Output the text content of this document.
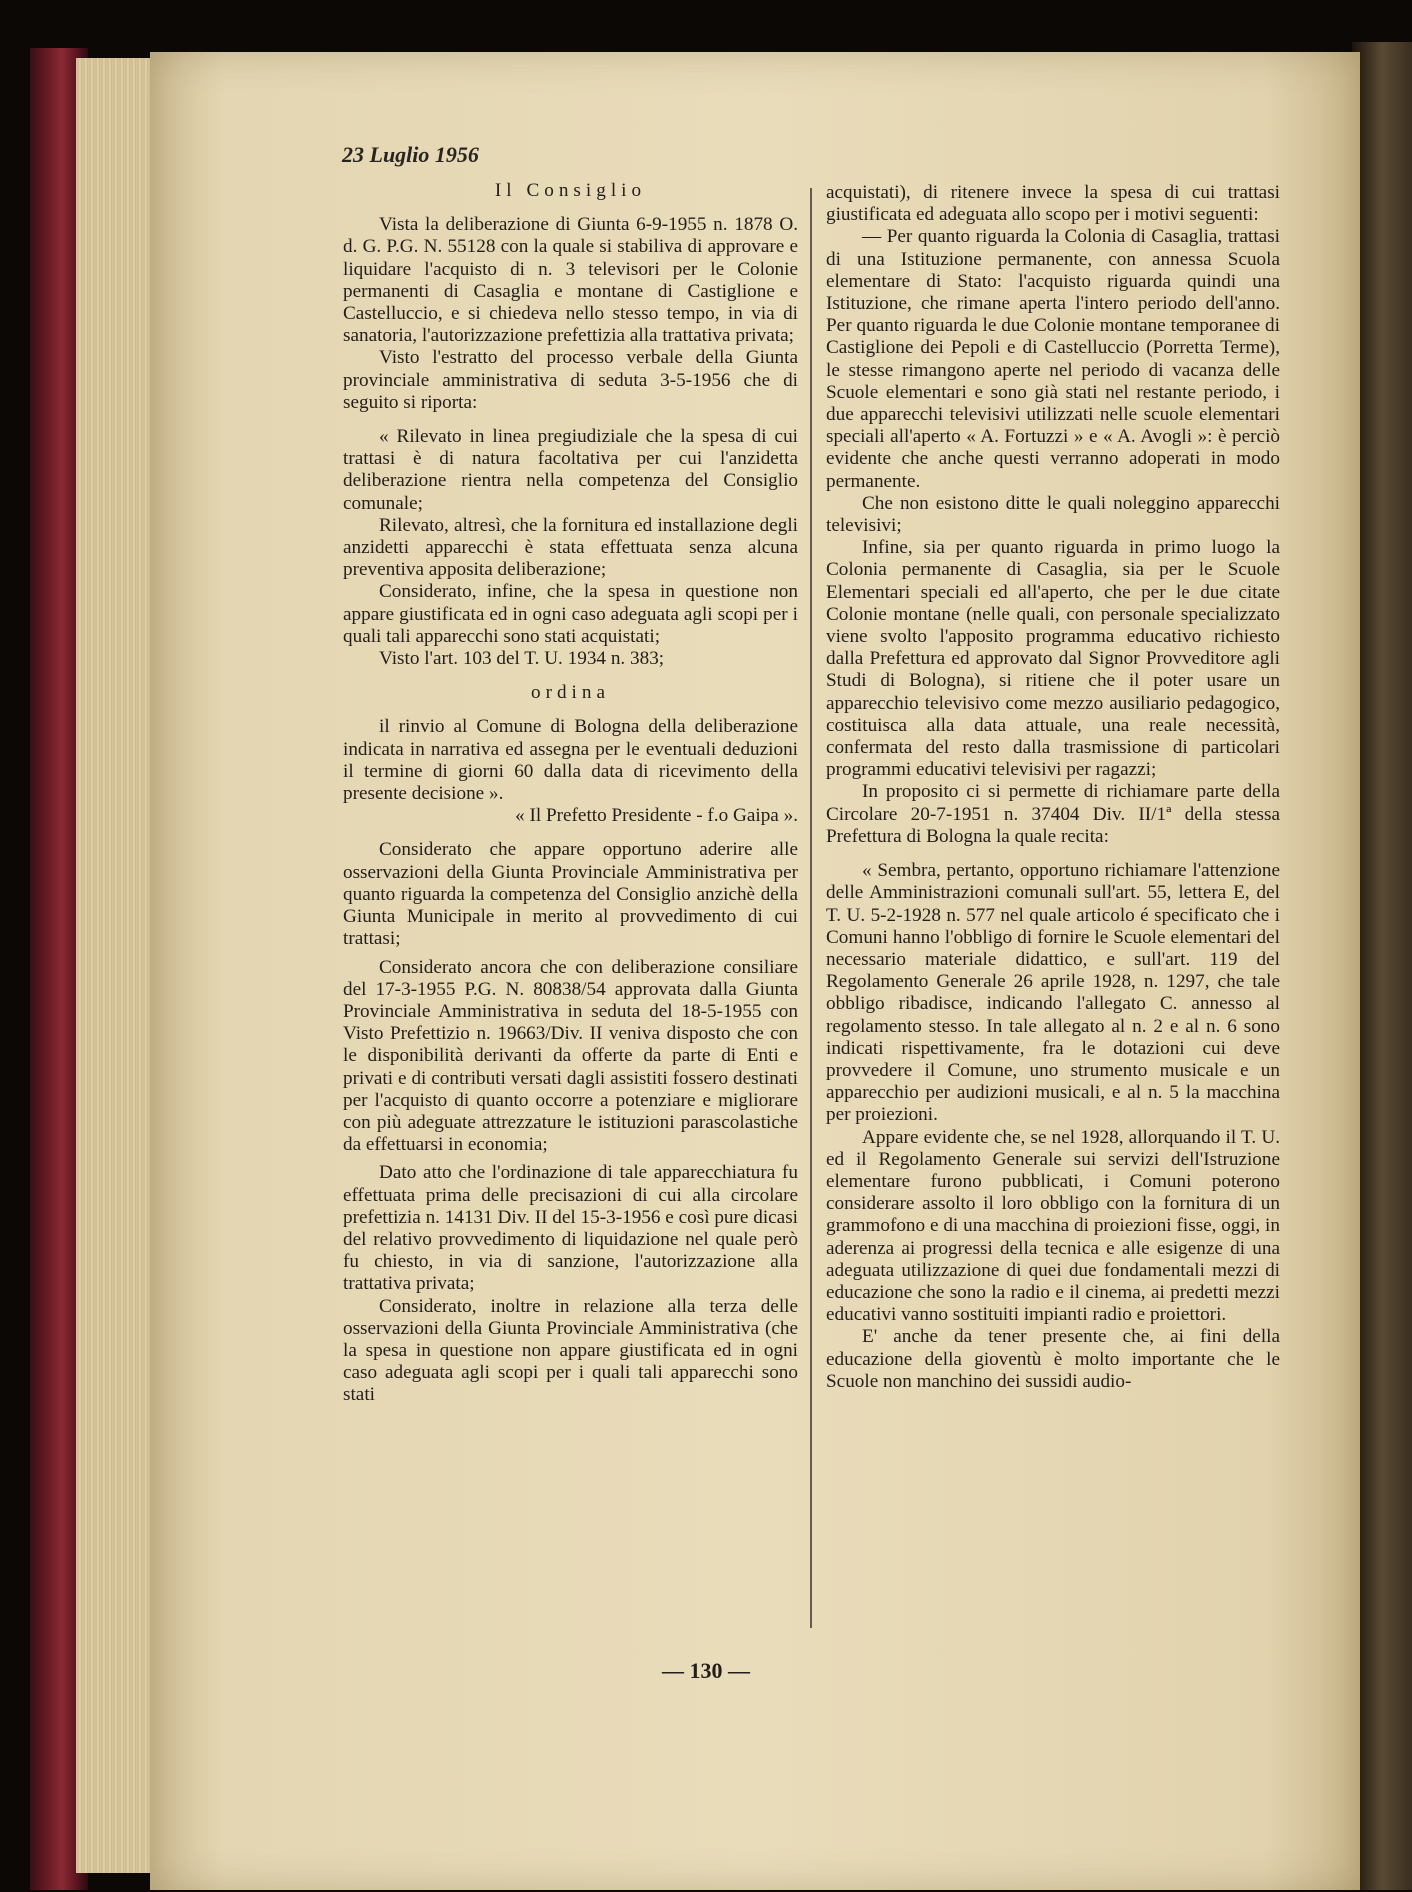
23 Luglio 1956

Il Consiglio

Vista la deliberazione di Giunta 6-9-1955 n. 1878 O. d. G. P.G. N. 55128 con la quale si stabiliva di approvare e liquidare l'acquisto di n. 3 televisori per le Colonie permanenti di Casaglia e montane di Castiglione e Castelluccio, e si chiedeva nello stesso tempo, in via di sanatoria, l'autorizzazione prefettizia alla trattativa privata;

Visto l'estratto del processo verbale della Giunta provinciale amministrativa di seduta 3-5-1956 che di seguito si riporta:

« Rilevato in linea pregiudiziale che la spesa di cui trattasi è di natura facoltativa per cui l'anzidetta deliberazione rientra nella competenza del Consiglio comunale;

Rilevato, altresì, che la fornitura ed installazione degli anzidetti apparecchi è stata effettuata senza alcuna preventiva apposita deliberazione;

Considerato, infine, che la spesa in questione non appare giustificata ed in ogni caso adeguata agli scopi per i quali tali apparecchi sono stati acquistati;

Visto l'art. 103 del T. U. 1934 n. 383;

ordina

il rinvio al Comune di Bologna della deliberazione indicata in narrativa ed assegna per le eventuali deduzioni il termine di giorni 60 dalla data di ricevimento della presente decisione ».

« Il Prefetto Presidente - f.o Gaipa ».

Considerato che appare opportuno aderire alle osservazioni della Giunta Provinciale Amministrativa per quanto riguarda la competenza del Consiglio anzichè della Giunta Municipale in merito al provvedimento di cui trattasi;

Considerato ancora che con deliberazione consiliare del 17-3-1955 P.G. N. 80838/54 approvata dalla Giunta Provinciale Amministrativa in seduta del 18-5-1955 con Visto Prefettizio n. 19663/Div. II veniva disposto che con le disponibilità derivanti da offerte da parte di Enti e privati e di contributi versati dagli assistiti fossero destinati per l'acquisto di quanto occorre a potenziare e migliorare con più adeguate attrezzature le istituzioni parascolastiche da effettuarsi in economia;

Dato atto che l'ordinazione di tale apparecchiatura fu effettuata prima delle precisazioni di cui alla circolare prefettizia n. 14131 Div. II del 15-3-1956 e così pure dicasi del relativo provvedimento di liquidazione nel quale però fu chiesto, in via di sanzione, l'autorizzazione alla trattativa privata;

Considerato, inoltre in relazione alla terza delle osservazioni della Giunta Provinciale Amministrativa (che la spesa in questione non appare giustificata ed in ogni caso adeguata agli scopi per i quali tali apparecchi sono stati

acquistati), di ritenere invece la spesa di cui trattasi giustificata ed adeguata allo scopo per i motivi seguenti:

— Per quanto riguarda la Colonia di Casaglia, trattasi di una Istituzione permanente, con annessa Scuola elementare di Stato: l'acquisto riguarda quindi una Istituzione, che rimane aperta l'intero periodo dell'anno. Per quanto riguarda le due Colonie montane temporanee di Castiglione dei Pepoli e di Castelluccio (Porretta Terme), le stesse rimangono aperte nel periodo di vacanza delle Scuole elementari e sono già stati nel restante periodo, i due apparecchi televisivi utilizzati nelle scuole elementari speciali all'aperto « A. Fortuzzi » e « A. Avogli »: è perciò evidente che anche questi verranno adoperati in modo permanente.

Che non esistono ditte le quali noleggino apparecchi televisivi;

Infine, sia per quanto riguarda in primo luogo la Colonia permanente di Casaglia, sia per le Scuole Elementari speciali ed all'aperto, che per le due citate Colonie montane (nelle quali, con personale specializzato viene svolto l'apposito programma educativo richiesto dalla Prefettura ed approvato dal Signor Provveditore agli Studi di Bologna), si ritiene che il poter usare un apparecchio televisivo come mezzo ausiliario pedagogico, costituisca alla data attuale, una reale necessità, confermata del resto dalla trasmissione di particolari programmi educativi televisivi per ragazzi;

In proposito ci si permette di richiamare parte della Circolare 20-7-1951 n. 37404 Div. II/1ª della stessa Prefettura di Bologna la quale recita:

« Sembra, pertanto, opportuno richiamare l'attenzione delle Amministrazioni comunali sull'art. 55, lettera E, del T. U. 5-2-1928 n. 577 nel quale articolo é specificato che i Comuni hanno l'obbligo di fornire le Scuole elementari del necessario materiale didattico, e sull'art. 119 del Regolamento Generale 26 aprile 1928, n. 1297, che tale obbligo ribadisce, indicando l'allegato C. annesso al regolamento stesso. In tale allegato al n. 2 e al n. 6 sono indicati rispettivamente, fra le dotazioni cui deve provvedere il Comune, uno strumento musicale e un apparecchio per audizioni musicali, e al n. 5 la macchina per proiezioni.

Appare evidente che, se nel 1928, allorquando il T. U. ed il Regolamento Generale sui servizi dell'Istruzione elementare furono pubblicati, i Comuni poterono considerare assolto il loro obbligo con la fornitura di un grammofono e di una macchina di proiezioni fisse, oggi, in aderenza ai progressi della tecnica e alle esigenze di una adeguata utilizzazione di quei due fondamentali mezzi di educazione che sono la radio e il cinema, ai predetti mezzi educativi vanno sostituiti impianti radio e proiettori.

E' anche da tener presente che, ai fini della educazione della gioventù è molto importante che le Scuole non manchino dei sussidi audio-

— 130 —
